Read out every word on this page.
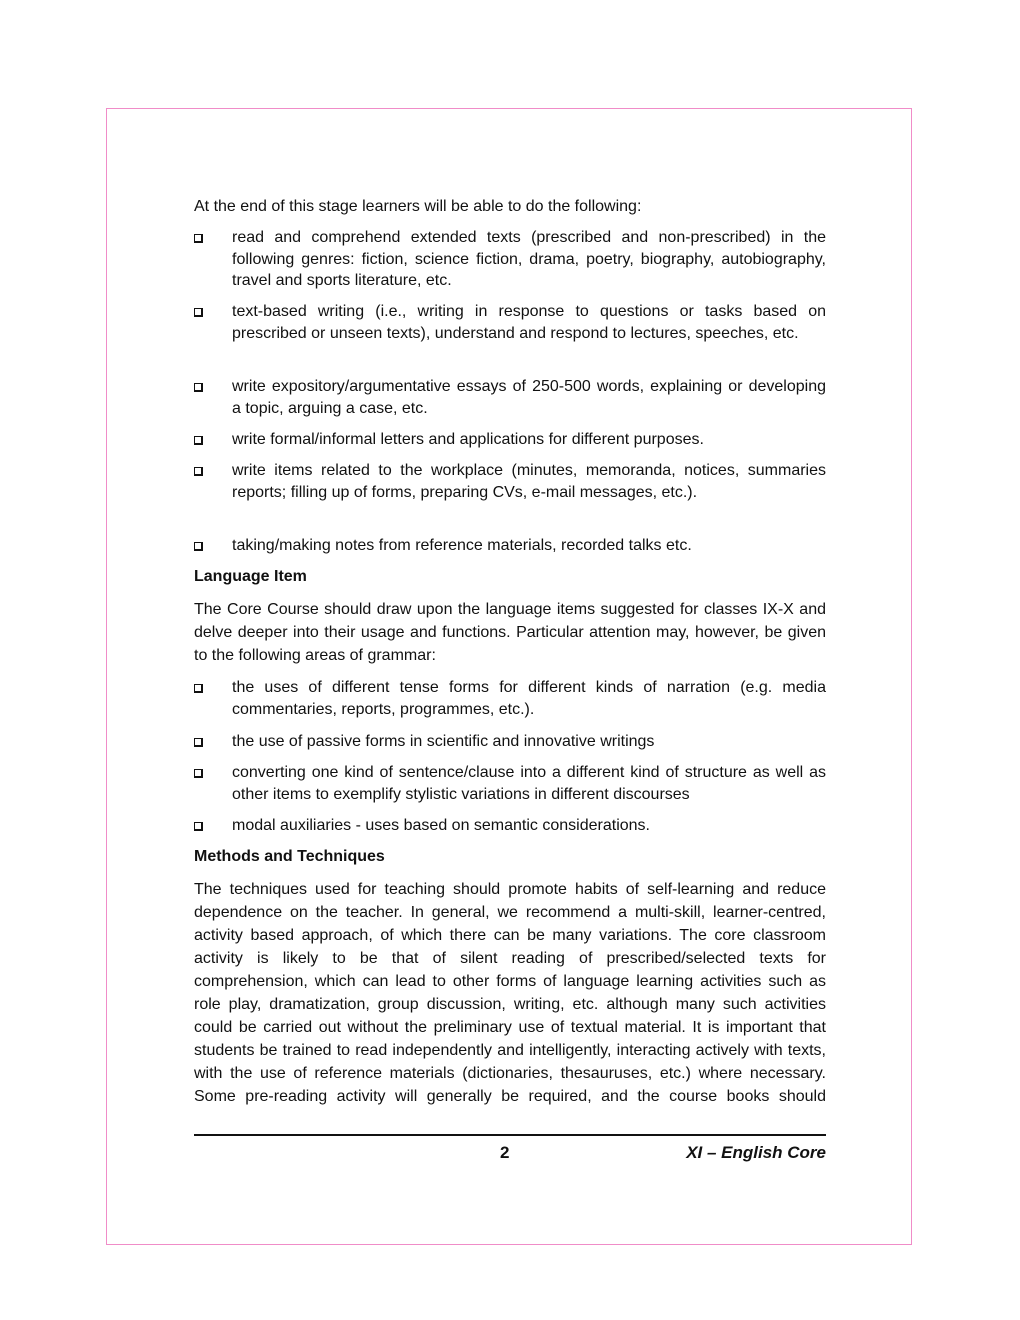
At the end of this stage learners will be able to do the following:
read and comprehend extended texts (prescribed and non-prescribed) in the following genres: fiction, science fiction, drama, poetry, biography, autobiography, travel and sports literature, etc.
text-based writing (i.e., writing in response to questions or tasks based on prescribed or unseen texts), understand and respond to lectures, speeches, etc.
write expository/argumentative essays of 250-500 words, explaining or developing a topic, arguing a case, etc.
write formal/informal letters and applications for different purposes.
write items related to the workplace (minutes, memoranda, notices, summaries reports; filling up of forms, preparing CVs, e-mail messages, etc.).
taking/making notes from reference materials, recorded talks etc.
Language Item
The Core Course should draw upon the language items suggested for classes IX-X and delve deeper into their usage and functions. Particular attention may, however, be given to the following areas of grammar:
the uses of different tense forms for different kinds of narration (e.g. media commentaries, reports, programmes, etc.).
the use of passive forms in scientific and innovative writings
converting one kind of sentence/clause into a different kind of structure as well as other items to exemplify stylistic variations in different discourses
modal auxiliaries - uses based on semantic considerations.
Methods and Techniques
The techniques used for teaching should promote habits of self-learning and reduce dependence on the teacher. In general, we recommend a multi-skill, learner-centred, activity based approach, of which there can be many variations. The core classroom activity is likely to be that of silent reading of prescribed/selected texts for comprehension, which can lead to other forms of language learning activities such as role play, dramatization, group discussion, writing, etc. although many such activities could be carried out without the preliminary use of textual material. It is important that students be trained to read independently and intelligently, interacting actively with texts, with the use of reference materials (dictionaries, thesauruses, etc.) where necessary. Some pre-reading activity will generally be required, and the course books should
2	XI – English Core
